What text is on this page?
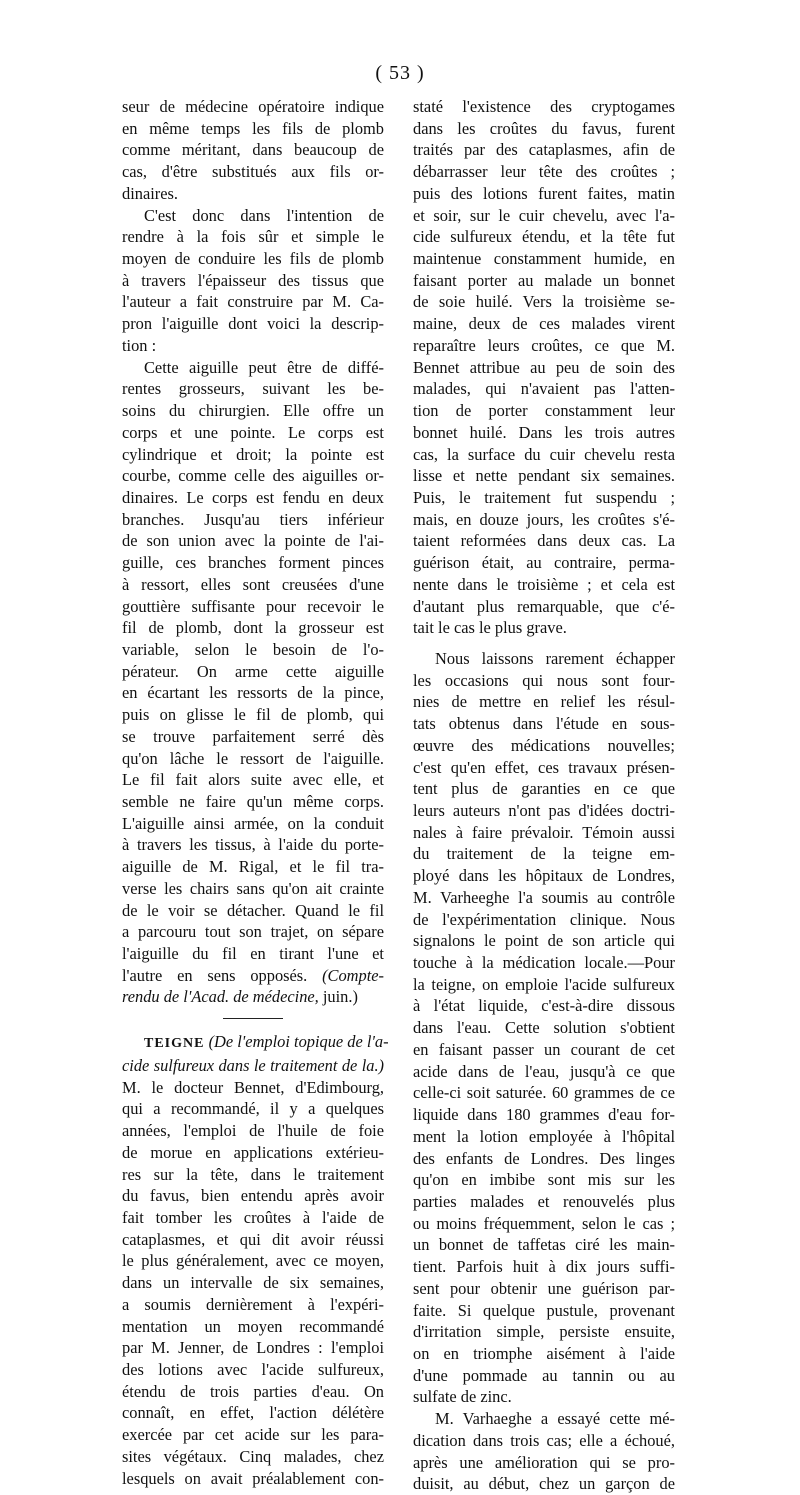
( 53 )
seur de médecine opératoire indique
en même temps les fils de plomb
comme méritant, dans beaucoup de
cas, d'être substitués aux fils or-
dinaires.
C'est donc dans l'intention de
rendre à la fois sûr et simple le
moyen de conduire les fils de plomb
à travers l'épaisseur des tissus que
l'auteur a fait construire par M. Ca-
pron l'aiguille dont voici la descrip-
tion :
Cette aiguille peut être de diffé-
rentes grosseurs, suivant les be-
soins du chirurgien. Elle offre un
corps et une pointe. Le corps est
cylindrique et droit; la pointe est
courbe, comme celle des aiguilles or-
dinaires. Le corps est fendu en deux
branches. Jusqu'au tiers inférieur
de son union avec la pointe de l'ai-
guille, ces branches forment pinces
à ressort, elles sont creusées d'une
gouttière suffisante pour recevoir le
fil de plomb, dont la grosseur est
variable, selon le besoin de l'o-
pérateur. On arme cette aiguille
en écartant les ressorts de la pince,
puis on glisse le fil de plomb, qui
se trouve parfaitement serré dès
qu'on lâche le ressort de l'aiguille.
Le fil fait alors suite avec elle, et
semble ne faire qu'un même corps.
L'aiguille ainsi armée, on la conduit
à travers les tissus, à l'aide du porte-
aiguille de M. Rigal, et le fil tra-
verse les chairs sans qu'on ait crainte
de le voir se détacher. Quand le fil
a parcouru tout son trajet, on sépare
l'aiguille du fil en tirant l'une et
l'autre en sens opposés. (Compte-
rendu de l'Acad. de médecine, juin.)
TEIGNE (De l'emploi topique de l'a-
cide sulfureux dans le traitement de la.)
M. le docteur Bennet, d'Edimbourg,
qui a recommandé, il y a quelques
années, l'emploi de l'huile de foie
de morue en applications extérieu-
res sur la tête, dans le traitement
du favus, bien entendu après avoir
fait tomber les croûtes à l'aide de
cataplasmes, et qui dit avoir réussi
le plus généralement, avec ce moyen,
dans un intervalle de six semaines,
a soumis dernièrement à l'expéri-
mentation un moyen recommandé
par M. Jenner, de Londres : l'emploi
des lotions avec l'acide sulfureux,
étendu de trois parties d'eau. On
connaît, en effet, l'action délétère
exercée par cet acide sur les para-
sites végétaux. Cinq malades, chez
lesquels on avait préalablement con-
staté l'existence des cryptogames
dans les croûtes du favus, furent
traités par des cataplasmes, afin de
débarrasser leur tête des croûtes ;
puis des lotions furent faites, matin
et soir, sur le cuir chevelu, avec l'a-
cide sulfureux étendu, et la tête fut
maintenue constamment humide, en
faisant porter au malade un bonnet
de soie huilé. Vers la troisième se-
maine, deux de ces malades virent
reparaître leurs croûtes, ce que M.
Bennet attribue au peu de soin des
malades, qui n'avaient pas l'atten-
tion de porter constamment leur
bonnet huilé. Dans les trois autres
cas, la surface du cuir chevelu resta
lisse et nette pendant six semaines.
Puis, le traitement fut suspendu ;
mais, en douze jours, les croûtes s'é-
taient reformées dans deux cas. La
guérison était, au contraire, perma-
nente dans le troisième ; et cela est
d'autant plus remarquable, que c'é-
tait le cas le plus grave.
Nous laissons rarement échapper
les occasions qui nous sont four-
nies de mettre en relief les résul-
tats obtenus dans l'étude en sous-
œuvre des médications nouvelles;
c'est qu'en effet, ces travaux présen-
tent plus de garanties en ce que
leurs auteurs n'ont pas d'idées doctri-
nales à faire prévaloir. Témoin aussi
du traitement de la teigne em-
ployé dans les hôpitaux de Londres,
M. Varheeghe l'a soumis au contrôle
de l'expérimentation clinique. Nous
signalons le point de son article qui
touche à la médication locale.—Pour
la teigne, on emploie l'acide sulfureux
à l'état liquide, c'est-à-dire dissous
dans l'eau. Cette solution s'obtient
en faisant passer un courant de cet
acide dans de l'eau, jusqu'à ce que
celle-ci soit saturée. 60 grammes de ce
liquide dans 180 grammes d'eau for-
ment la lotion employée à l'hôpital
des enfants de Londres. Des linges
qu'on en imbibe sont mis sur les
parties malades et renouvelés plus
ou moins fréquemment, selon le cas ;
un bonnet de taffetas ciré les main-
tient. Parfois huit à dix jours suffi-
sent pour obtenir une guérison par-
faite. Si quelque pustule, provenant
d'irritation simple, persiste ensuite,
on en triomphe aisément à l'aide
d'une pommade au tannin ou au
sulfate de zinc.
M. Varhaeghe a essayé cette mé-
dication dans trois cas; elle a échoué,
après une amélioration qui se pro-
duisit, au début, chez un garçon de
